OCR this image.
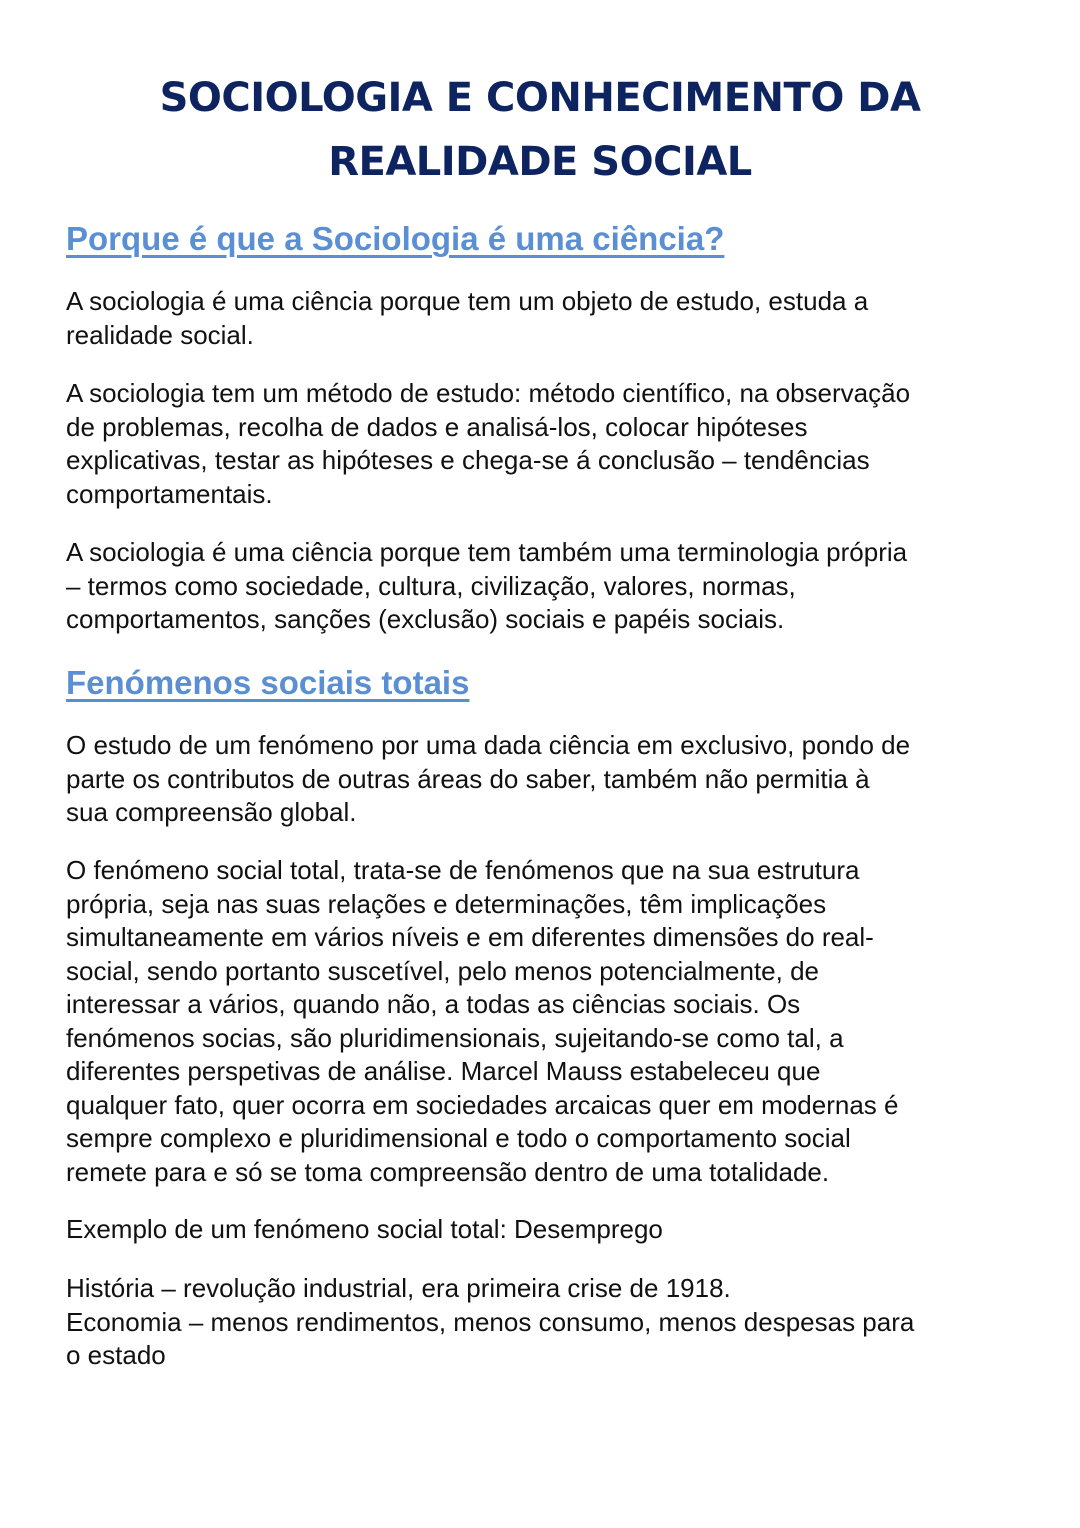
SOCIOLOGIA E CONHECIMENTO DA
REALIDADE SOCIAL
Porque é que a Sociologia é uma ciência?

A sociologia é uma ciência porque tem um objeto de estudo, estuda a
realidade social.

A sociologia tem um método de estudo: método científico, na observação
de problemas, recolha de dados e analisá-los, colocar hipóteses
explicativas, testar as hipóteses e chega-se á conclusão – tendências
comportamentais.

A sociologia é uma ciência porque tem também uma terminologia própria
– termos como sociedade, cultura, civilização, valores, normas,
comportamentos, sanções (exclusão) sociais e papéis sociais.

Fenómenos sociais totais

O estudo de um fenómeno por uma dada ciência em exclusivo, pondo de
parte os contributos de outras áreas do saber, também não permitia à
sua compreensão global.

O fenómeno social total, trata-se de fenómenos que na sua estrutura
própria, seja nas suas relações e determinações, têm implicações
simultaneamente em vários níveis e em diferentes dimensões do real-
social, sendo portanto suscetível, pelo menos potencialmente, de
interessar a vários, quando não, a todas as ciências sociais. Os
fenómenos socias, são pluridimensionais, sujeitando-se como tal, a
diferentes perspetivas de análise. Marcel Mauss estabeleceu que
qualquer fato, quer ocorra em sociedades arcaicas quer em modernas é
sempre complexo e pluridimensional e todo o comportamento social
remete para e só se toma compreensão dentro de uma totalidade.

Exemplo de um fenómeno social total: Desemprego

História – revolução industrial, era primeira crise de 1918.
Economia – menos rendimentos, menos consumo, menos despesas para
o estado
